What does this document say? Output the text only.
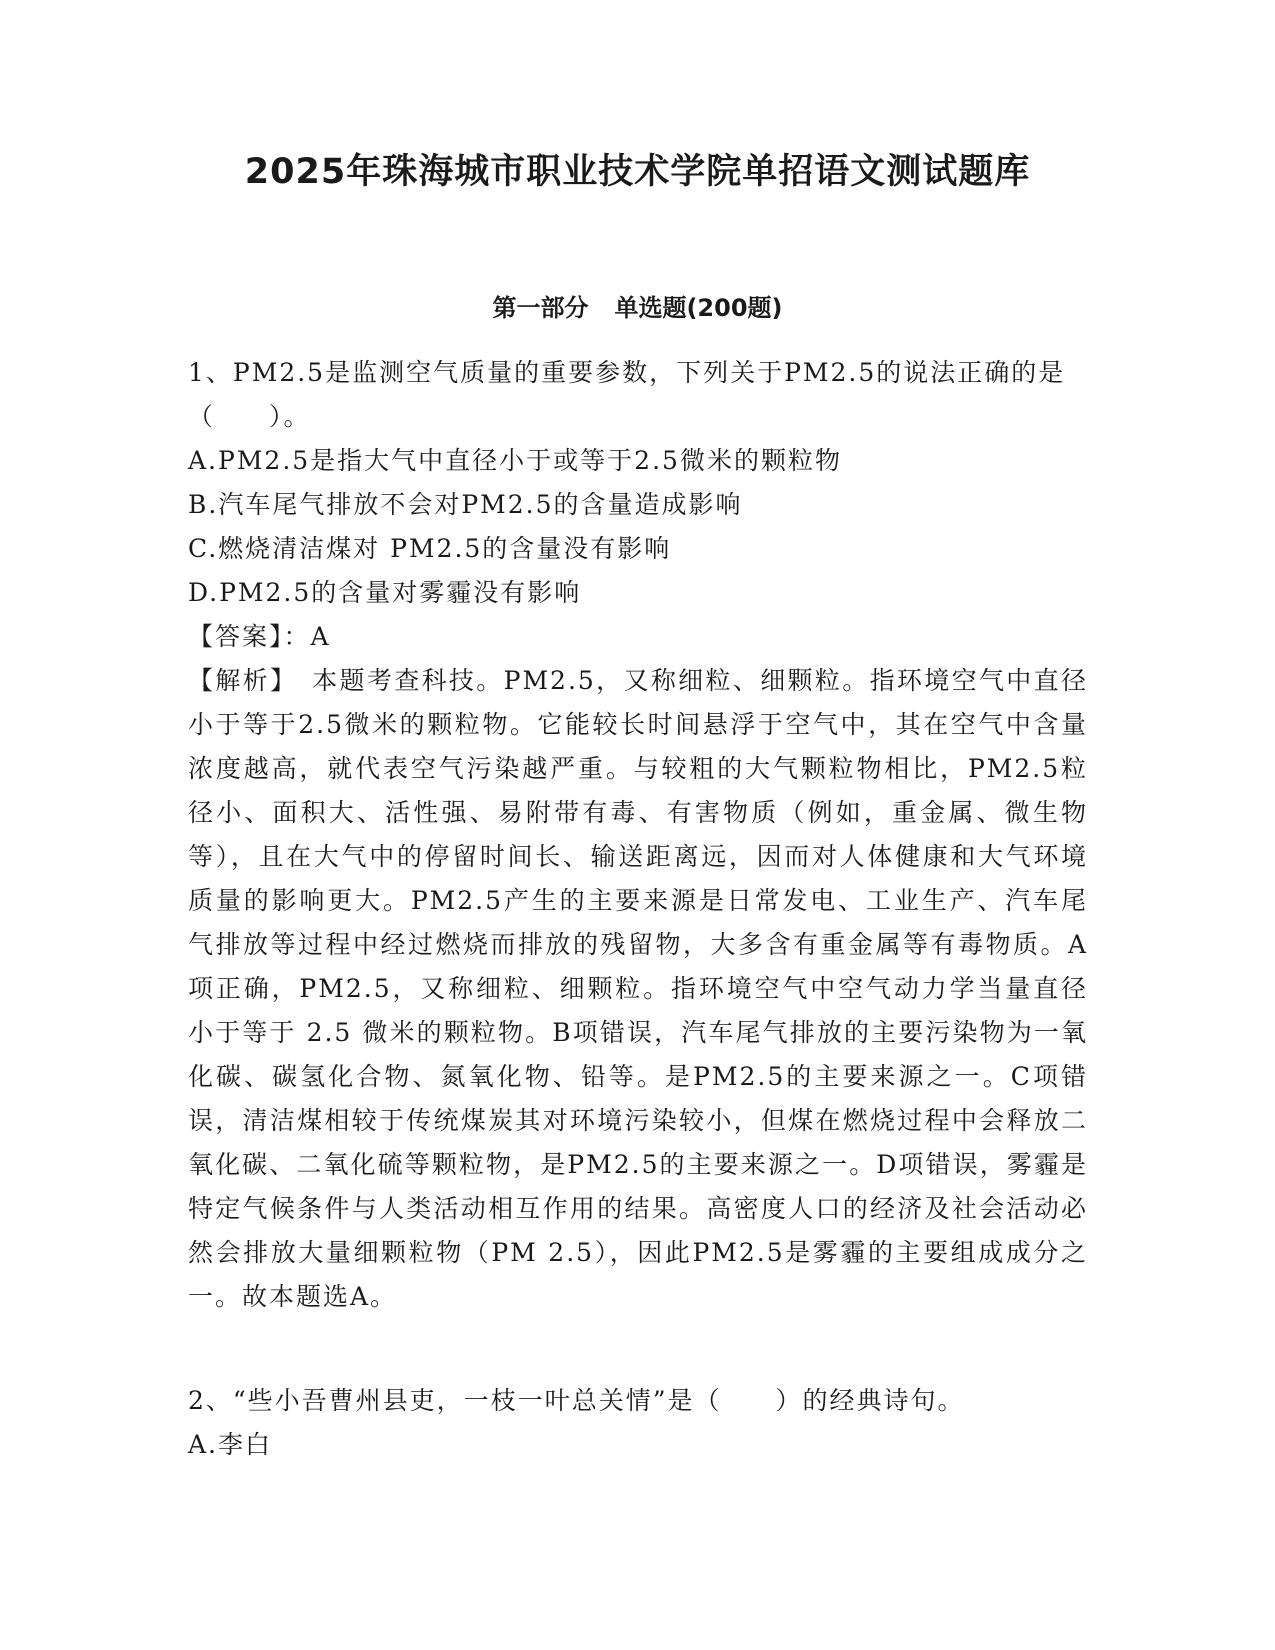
2025年珠海城市职业技术学院单招语文测试题库
第一部分 单选题(200题)

1、PM2.5是监测空气质量的重要参数，下列关于PM2.5的说法正确的是（　　）。

A.PM2.5是指大气中直径小于或等于2.5微米的颗粒物

B.汽车尾气排放不会对PM2.5的含量造成影响

C.燃烧清洁煤对 PM2.5的含量没有影响

D.PM2.5的含量对雾霾没有影响

【答案】：A

【解析】　 本题考查科技。PM2.5，又称细粒、细颗粒。指环境空气中直径小于等于2.5微米的颗粒物。它能较长时间悬浮于空气中，其在空气中含量浓度越高，就代表空气污染越严重。与较粗的大气颗粒物相比，PM2.5粒径小、面积大、活性强、易附带有毒、有害物质（例如，重金属、微生物等），且在大气中的停留时间长、输送距离远，因而对人体健康和大气环境质量的影响更大。PM2.5产生的主要来源是日常发电、工业生产、汽车尾气排放等过程中经过燃烧而排放的残留物，大多含有重金属等有毒物质。A项正确，PM2.5，又称细粒、细颗粒。指环境空气中空气动力学当量直径小于等于 2.5 微米的颗粒物。B项错误，汽车尾气排放的主要污染物为一氧化碳、碳氢化合物、氮氧化物、铅等。是PM2.5的主要来源之一。C项错误，清洁煤相较于传统煤炭其对环境污染较小，但煤在燃烧过程中会释放二氧化碳、二氧化硫等颗粒物，是PM2.5的主要来源之一。D项错误，雾霾是特定气候条件与人类活动相互作用的结果。高密度人口的经济及社会活动必然会排放大量细颗粒物（PM 2.5），因此PM2.5是雾霾的主要组成成分之一。故本题选A。

2、“些小吾曹州县吏，一枝一叶总关情”是（　　）的经典诗句。

A.李白
